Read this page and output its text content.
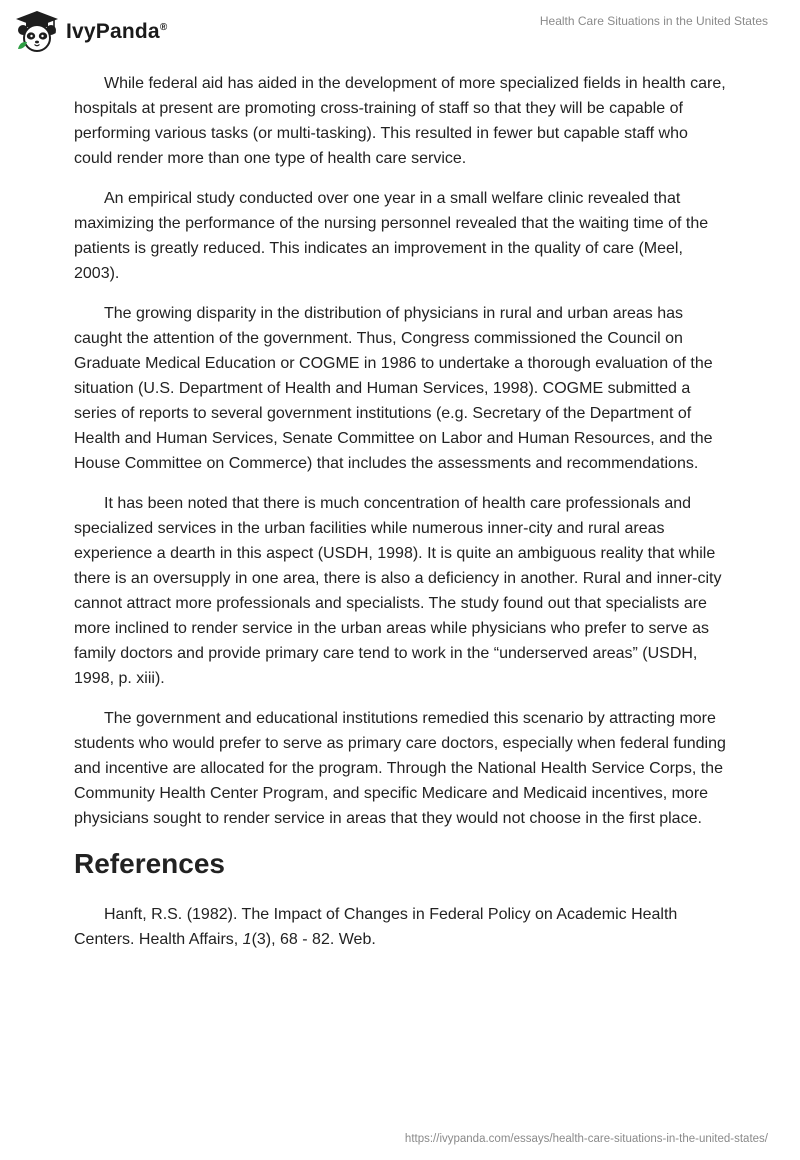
IvyPanda®	Health Care Situations in the United States

While federal aid has aided in the development of more specialized fields in health care, hospitals at present are promoting cross-training of staff so that they will be capable of performing various tasks (or multi-tasking). This resulted in fewer but capable staff who could render more than one type of health care service.

An empirical study conducted over one year in a small welfare clinic revealed that maximizing the performance of the nursing personnel revealed that the waiting time of the patients is greatly reduced. This indicates an improvement in the quality of care (Meel, 2003).

The growing disparity in the distribution of physicians in rural and urban areas has caught the attention of the government. Thus, Congress commissioned the Council on Graduate Medical Education or COGME in 1986 to undertake a thorough evaluation of the situation (U.S. Department of Health and Human Services, 1998). COGME submitted a series of reports to several government institutions (e.g. Secretary of the Department of Health and Human Services, Senate Committee on Labor and Human Resources, and the House Committee on Commerce) that includes the assessments and recommendations.

It has been noted that there is much concentration of health care professionals and specialized services in the urban facilities while numerous inner-city and rural areas experience a dearth in this aspect (USDH, 1998). It is quite an ambiguous reality that while there is an oversupply in one area, there is also a deficiency in another. Rural and inner-city cannot attract more professionals and specialists. The study found out that specialists are more inclined to render service in the urban areas while physicians who prefer to serve as family doctors and provide primary care tend to work in the “underserved areas” (USDH, 1998, p. xiii).

The government and educational institutions remedied this scenario by attracting more students who would prefer to serve as primary care doctors, especially when federal funding and incentive are allocated for the program. Through the National Health Service Corps, the Community Health Center Program, and specific Medicare and Medicaid incentives, more physicians sought to render service in areas that they would not choose in the first place.

References

Hanft, R.S. (1982). The Impact of Changes in Federal Policy on Academic Health Centers. Health Affairs, 1(3), 68 - 82. Web.

https://ivypanda.com/essays/health-care-situations-in-the-united-states/
